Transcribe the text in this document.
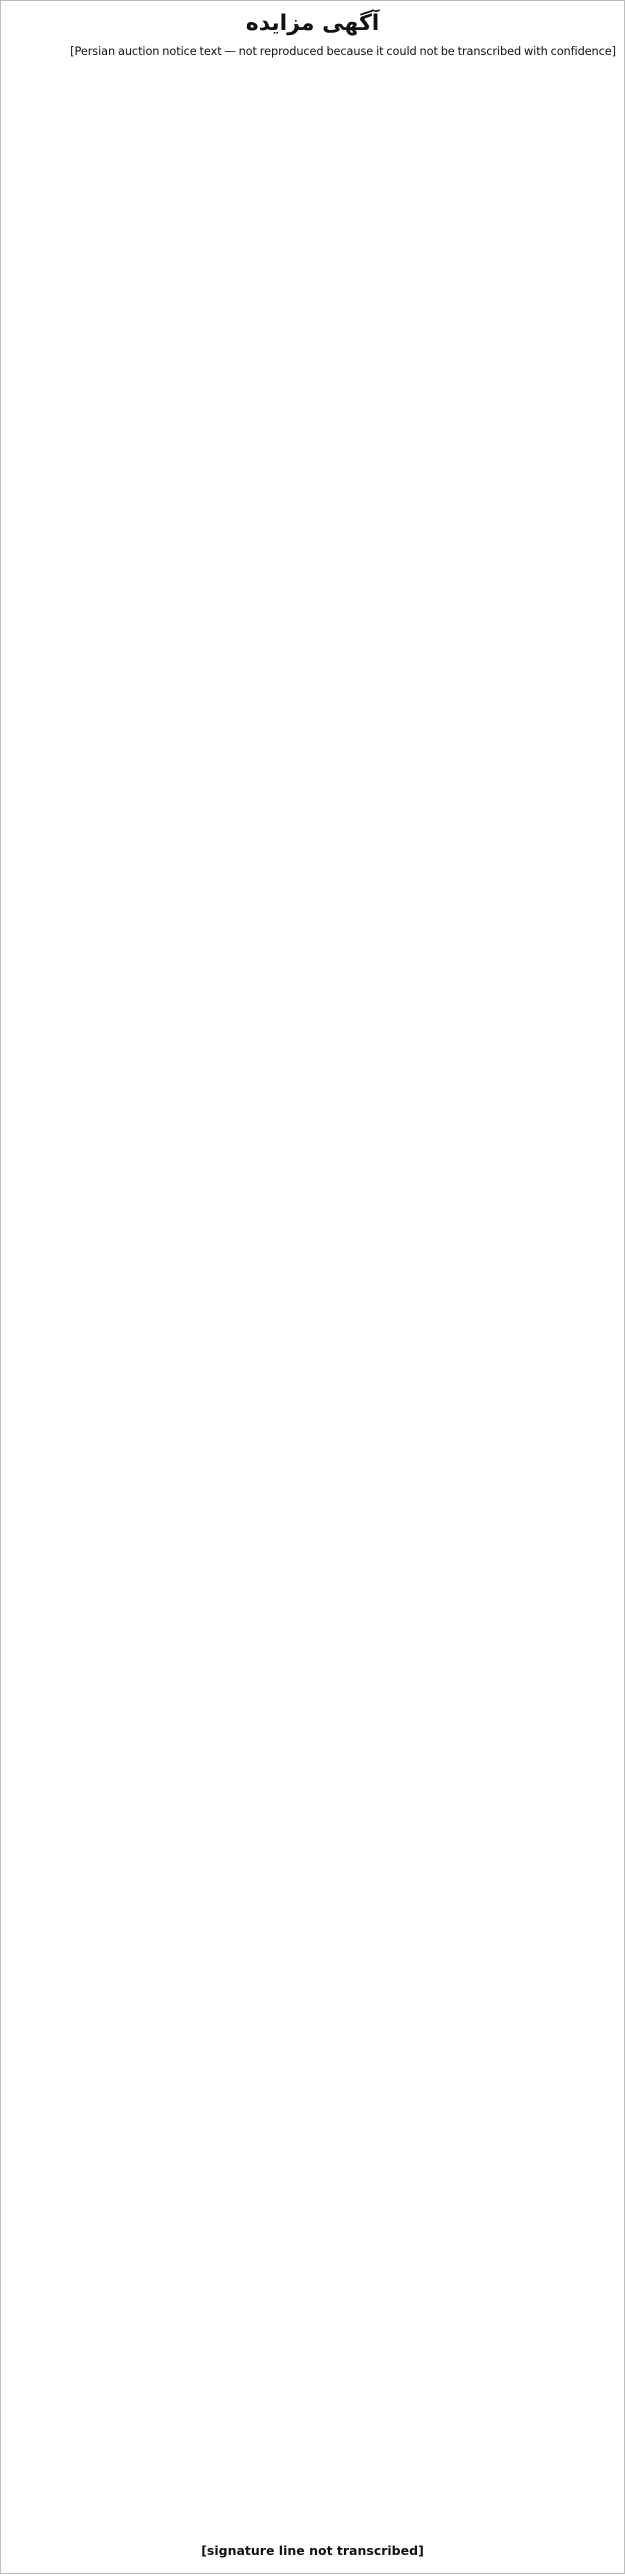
آگهی مزایده

[Persian auction notice text — not reproduced because it could not be transcribed with confidence]

[signature line not transcribed]
